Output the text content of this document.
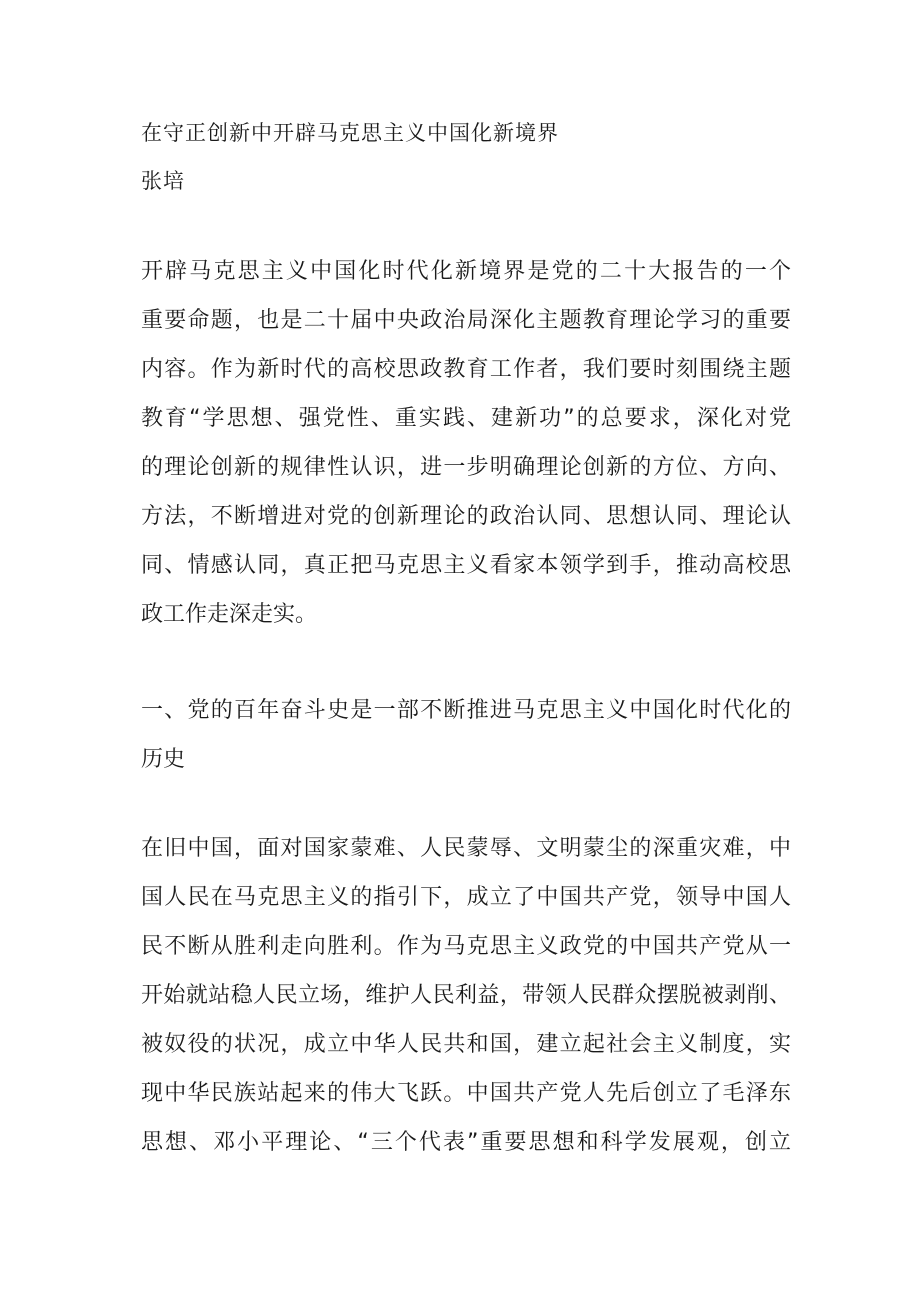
在守正创新中开辟马克思主义中国化新境界
张培
开辟马克思主义中国化时代化新境界是党的二十大报告的一个
重要命题，也是二十届中央政治局深化主题教育理论学习的重要
内容。作为新时代的高校思政教育工作者，我们要时刻围绕主题
教育“学思想、强党性、重实践、建新功”的总要求，深化对党
的理论创新的规律性认识，进一步明确理论创新的方位、方向、
方法，不断增进对党的创新理论的政治认同、思想认同、理论认
同、情感认同，真正把马克思主义看家本领学到手，推动高校思
政工作走深走实。
一、党的百年奋斗史是一部不断推进马克思主义中国化时代化的
历史
在旧中国，面对国家蒙难、人民蒙辱、文明蒙尘的深重灾难，中
国人民在马克思主义的指引下，成立了中国共产党，领导中国人
民不断从胜利走向胜利。作为马克思主义政党的中国共产党从一
开始就站稳人民立场，维护人民利益，带领人民群众摆脱被剥削、
被奴役的状况，成立中华人民共和国，建立起社会主义制度，实
现中华民族站起来的伟大飞跃。中国共产党人先后创立了毛泽东
思想、邓小平理论、“三个代表”重要思想和科学发展观，创立
